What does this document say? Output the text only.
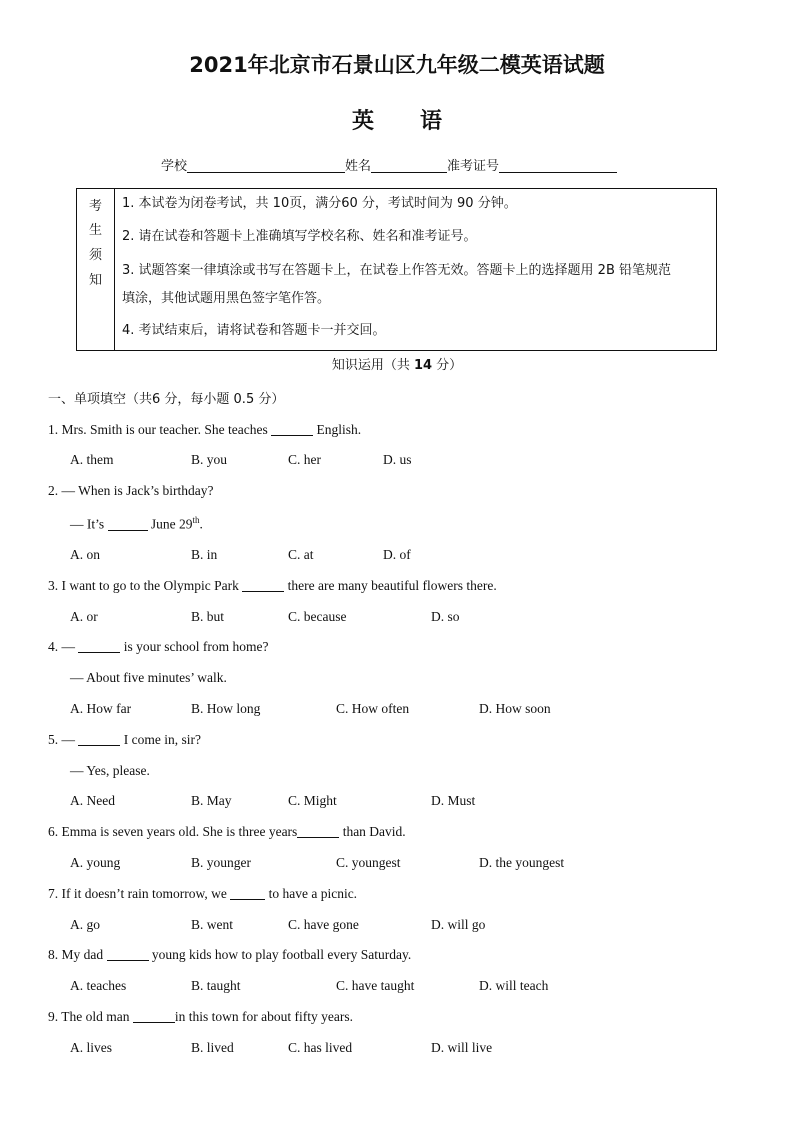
2021年北京市石景山区九年级二模英语试题
英 语
学校	姓名	准考证号
考
生
须
知
1. 本试卷为闭卷考试，共 10页，满分60 分，考试时间为 90 分钟。
2. 请在试卷和答题卡上准确填写学校名称、姓名和准考证号。
3. 试题答案一律填涂或书写在答题卡上，在试卷上作答无效。答题卡上的选择题用 2B 铅笔规范
填涂，其他试题用黑色签字笔作答。
4. 考试结束后，请将试卷和答题卡一并交回。
知识运用（共 14 分）
一、单项填空（共6 分，每小题 0.5 分）
1. Mrs. Smith is our teacher. She teaches	English.
A. them	B. you	C. her	D. us
2. — When is Jack’s birthday?
— It’s	June 29th.
A. on	B. in	C. at	D. of
3. I want to go to the Olympic Park	there are many beautiful flowers there.
A. or	B. but	C. because	D. so
4. —	is your school from home?
— About five minutes’ walk.
A. How far	B. How long	C. How often	D. How soon
5. —	I come in, sir?
— Yes, please.
A. Need	B. May	C. Might	D. Must
6. Emma is seven years old. She is three years	than David.
A. young	B. younger	C. youngest	D. the youngest
7. If it doesn’t rain tomorrow, we	to have a picnic.
A. go	B. went	C. have gone	D. will go
8. My dad	young kids how to play football every Saturday.
A. teaches	B. taught	C. have taught	D. will teach
9. The old man	in this town for about fifty years.
A. lives	B. lived	C. has lived	D. will live
